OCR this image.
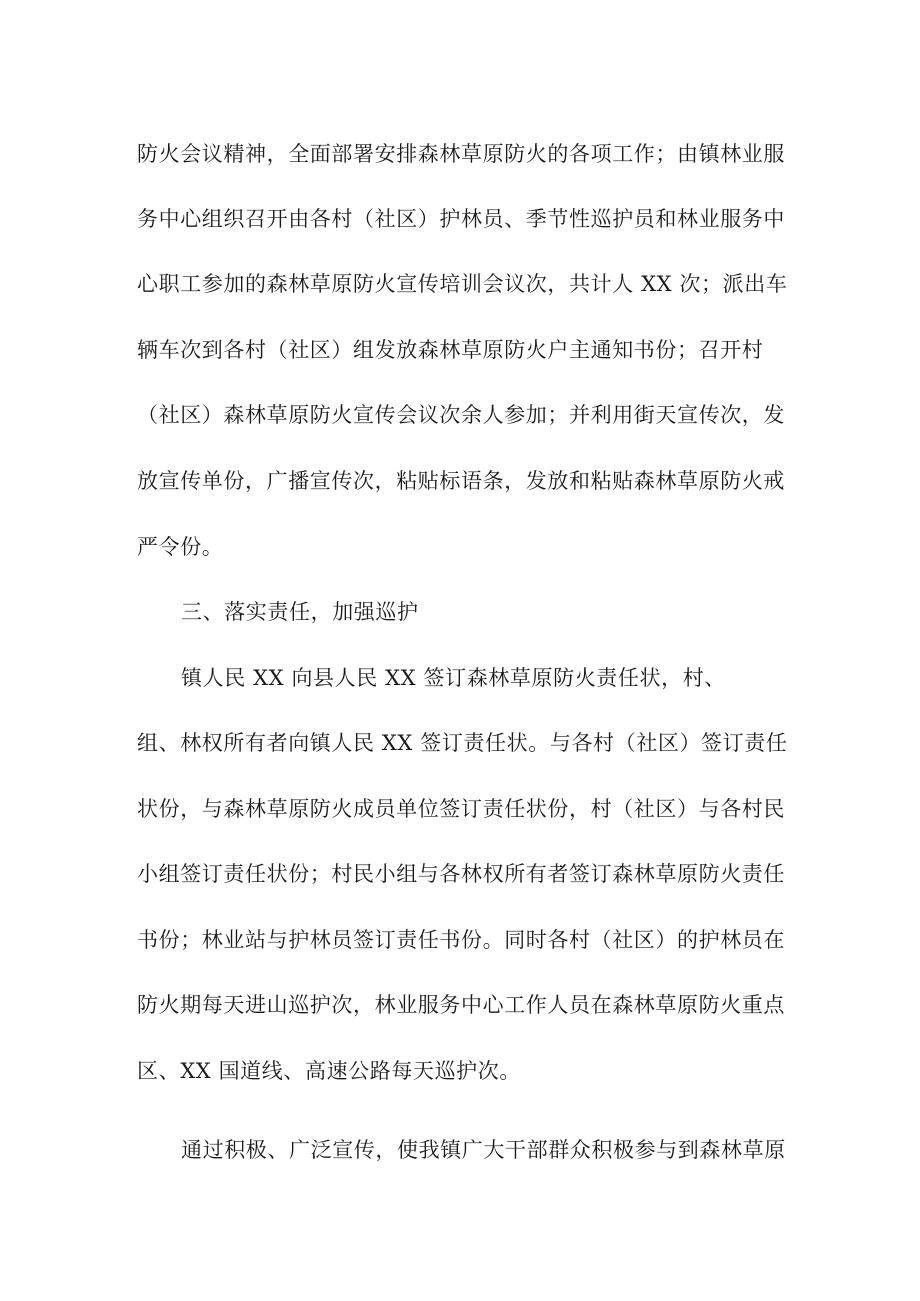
防火会议精神，全面部署安排森林草原防火的各项工作；由镇林业服
务中心组织召开由各村（社区）护林员、季节性巡护员和林业服务中
心职工参加的森林草原防火宣传培训会议次，共计人 XX 次；派出车
辆车次到各村（社区）组发放森林草原防火户主通知书份；召开村
（社区）森林草原防火宣传会议次余人参加；并利用街天宣传次，发
放宣传单份，广播宣传次，粘贴标语条，发放和粘贴森林草原防火戒
严令份。
三、落实责任，加强巡护
镇人民 XX 向县人民 XX 签订森林草原防火责任状，村、
组、林权所有者向镇人民 XX 签订责任状。与各村（社区）签订责任
状份，与森林草原防火成员单位签订责任状份，村（社区）与各村民
小组签订责任状份；村民小组与各林权所有者签订森林草原防火责任
书份；林业站与护林员签订责任书份。同时各村（社区）的护林员在
防火期每天进山巡护次，林业服务中心工作人员在森林草原防火重点
区、XX 国道线、高速公路每天巡护次。
通过积极、广泛宣传，使我镇广大干部群众积极参与到森林草原
